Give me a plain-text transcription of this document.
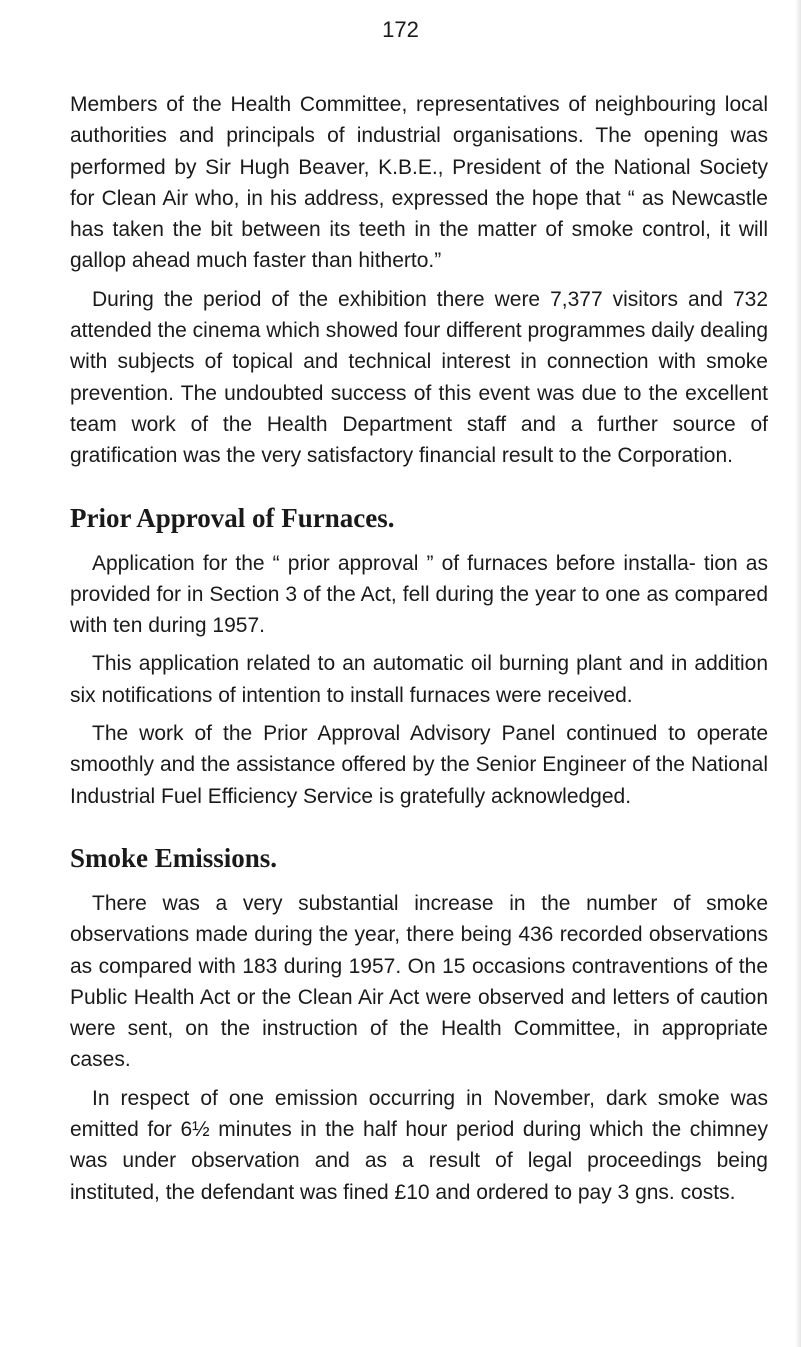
172

Members of the Health Committee, representatives of neighbouring local authorities and principals of industrial organisations. The opening was performed by Sir Hugh Beaver, K.B.E., President of the National Society for Clean Air who, in his address, expressed the hope that “ as Newcastle has taken the bit between its teeth in the matter of smoke control, it will gallop ahead much faster than hitherto.”

During the period of the exhibition there were 7,377 visitors and 732 attended the cinema which showed four different programmes daily dealing with subjects of topical and technical interest in connection with smoke prevention. The undoubted success of this event was due to the excellent team work of the Health Department staff and a further source of gratification was the very satisfactory financial result to the Corporation.

Prior Approval of Furnaces.

Application for the “ prior approval ” of furnaces before installa- tion as provided for in Section 3 of the Act, fell during the year to one as compared with ten during 1957.

This application related to an automatic oil burning plant and in addition six notifications of intention to install furnaces were received.

The work of the Prior Approval Advisory Panel continued to operate smoothly and the assistance offered by the Senior Engineer of the National Industrial Fuel Efficiency Service is gratefully acknowledged.

Smoke Emissions.

There was a very substantial increase in the number of smoke observations made during the year, there being 436 recorded observations as compared with 183 during 1957. On 15 occasions contraventions of the Public Health Act or the Clean Air Act were observed and letters of caution were sent, on the instruction of the Health Committee, in appropriate cases.

In respect of one emission occurring in November, dark smoke was emitted for 6½ minutes in the half hour period during which the chimney was under observation and as a result of legal proceedings being instituted, the defendant was fined £10 and ordered to pay 3 gns. costs.
